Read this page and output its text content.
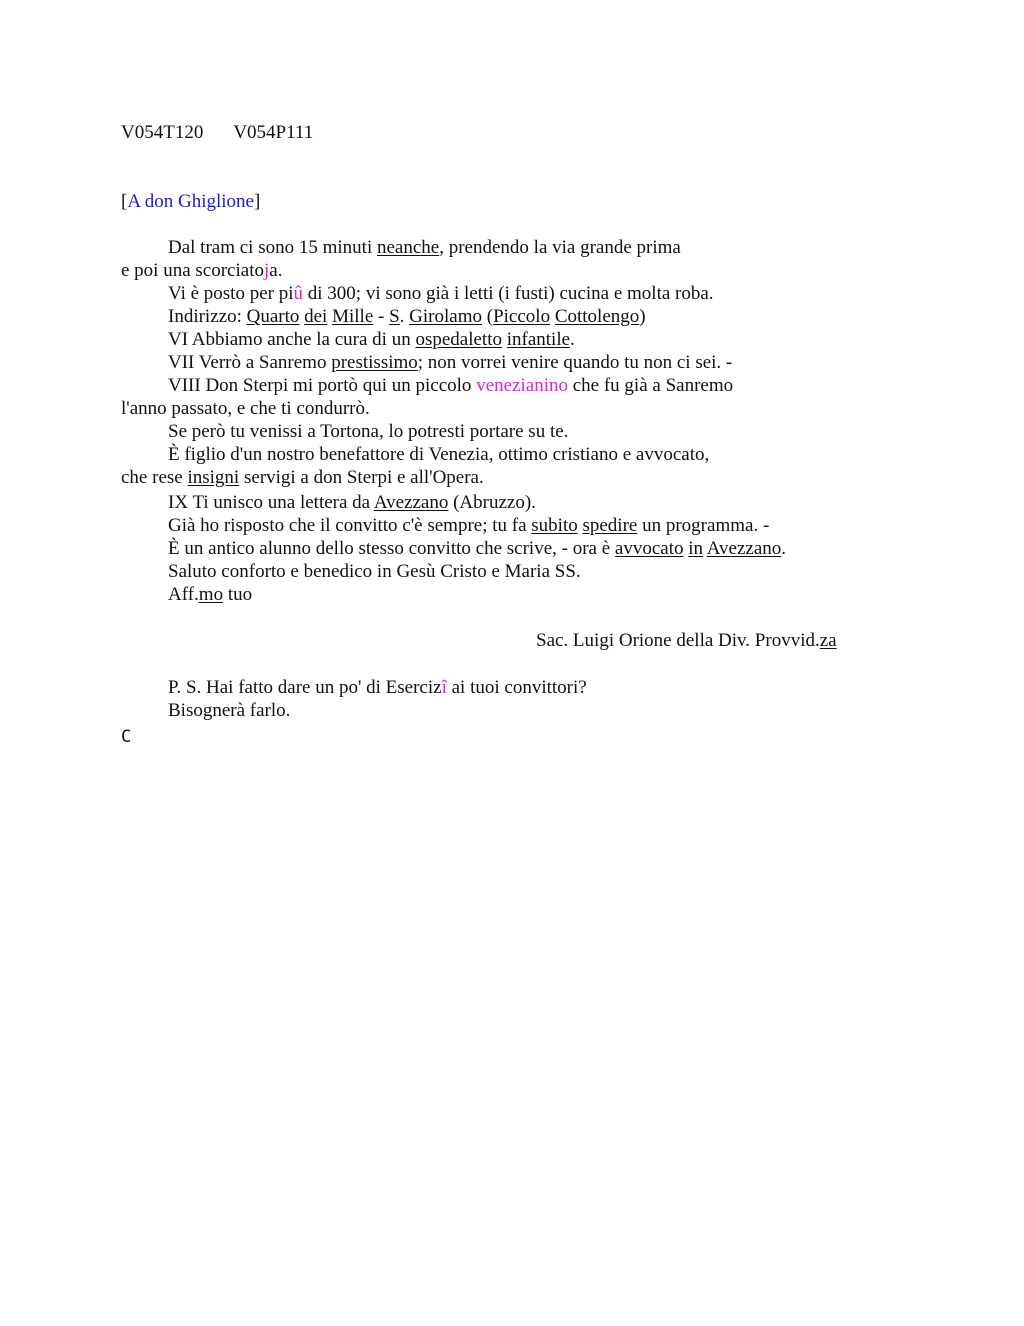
V054T120 V054P111
[A don Ghiglione]
Dal tram ci sono 15 minuti neanche, prendendo la via grande prima
e poi una scorciatoja.
Vi è posto per piû di 300; vi sono già i letti (i fusti) cucina e molta roba.
Indirizzo: Quarto dei Mille - S. Girolamo (Piccolo Cottolengo)
VI Abbiamo anche la cura di un ospedaletto infantile.
VII Verrò a Sanremo prestissimo; non vorrei venire quando tu non ci sei. -
VIII Don Sterpi mi portò qui un piccolo venezianino che fu già a Sanremo
l'anno passato, e che ti condurrò.
Se però tu venissi a Tortona, lo potresti portare su te.
È figlio d'un nostro benefattore di Venezia, ottimo cristiano e avvocato,
che rese insigni servigi a don Sterpi e all'Opera.
IX Ti unisco una lettera da Avezzano (Abruzzo).
Già ho risposto che il convitto c'è sempre; tu fa subito spedire un programma. -
È un antico alunno dello stesso convitto che scrive, - ora è avvocato in Avezzano.
Saluto conforto e benedico in Gesù Cristo e Maria SS.
Aff.mo tuo
Sac. Luigi Orione della Div. Provvid.za
P. S. Hai fatto dare un po' di Esercizî ai tuoi convittori?
Bisognerà farlo.
C
